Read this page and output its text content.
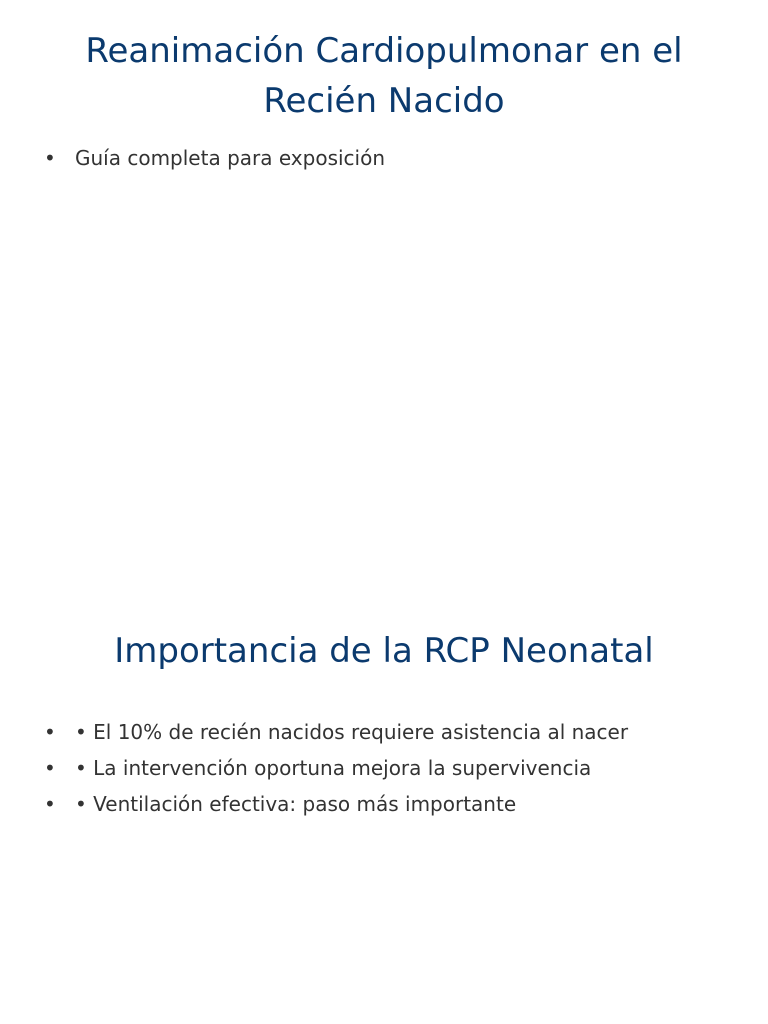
Reanimación Cardiopulmonar en el Recién Nacido
• Guía completa para exposición
Importancia de la RCP Neonatal
• • El 10% de recién nacidos requiere asistencia al nacer
• • La intervención oportuna mejora la supervivencia
• • Ventilación efectiva: paso más importante
